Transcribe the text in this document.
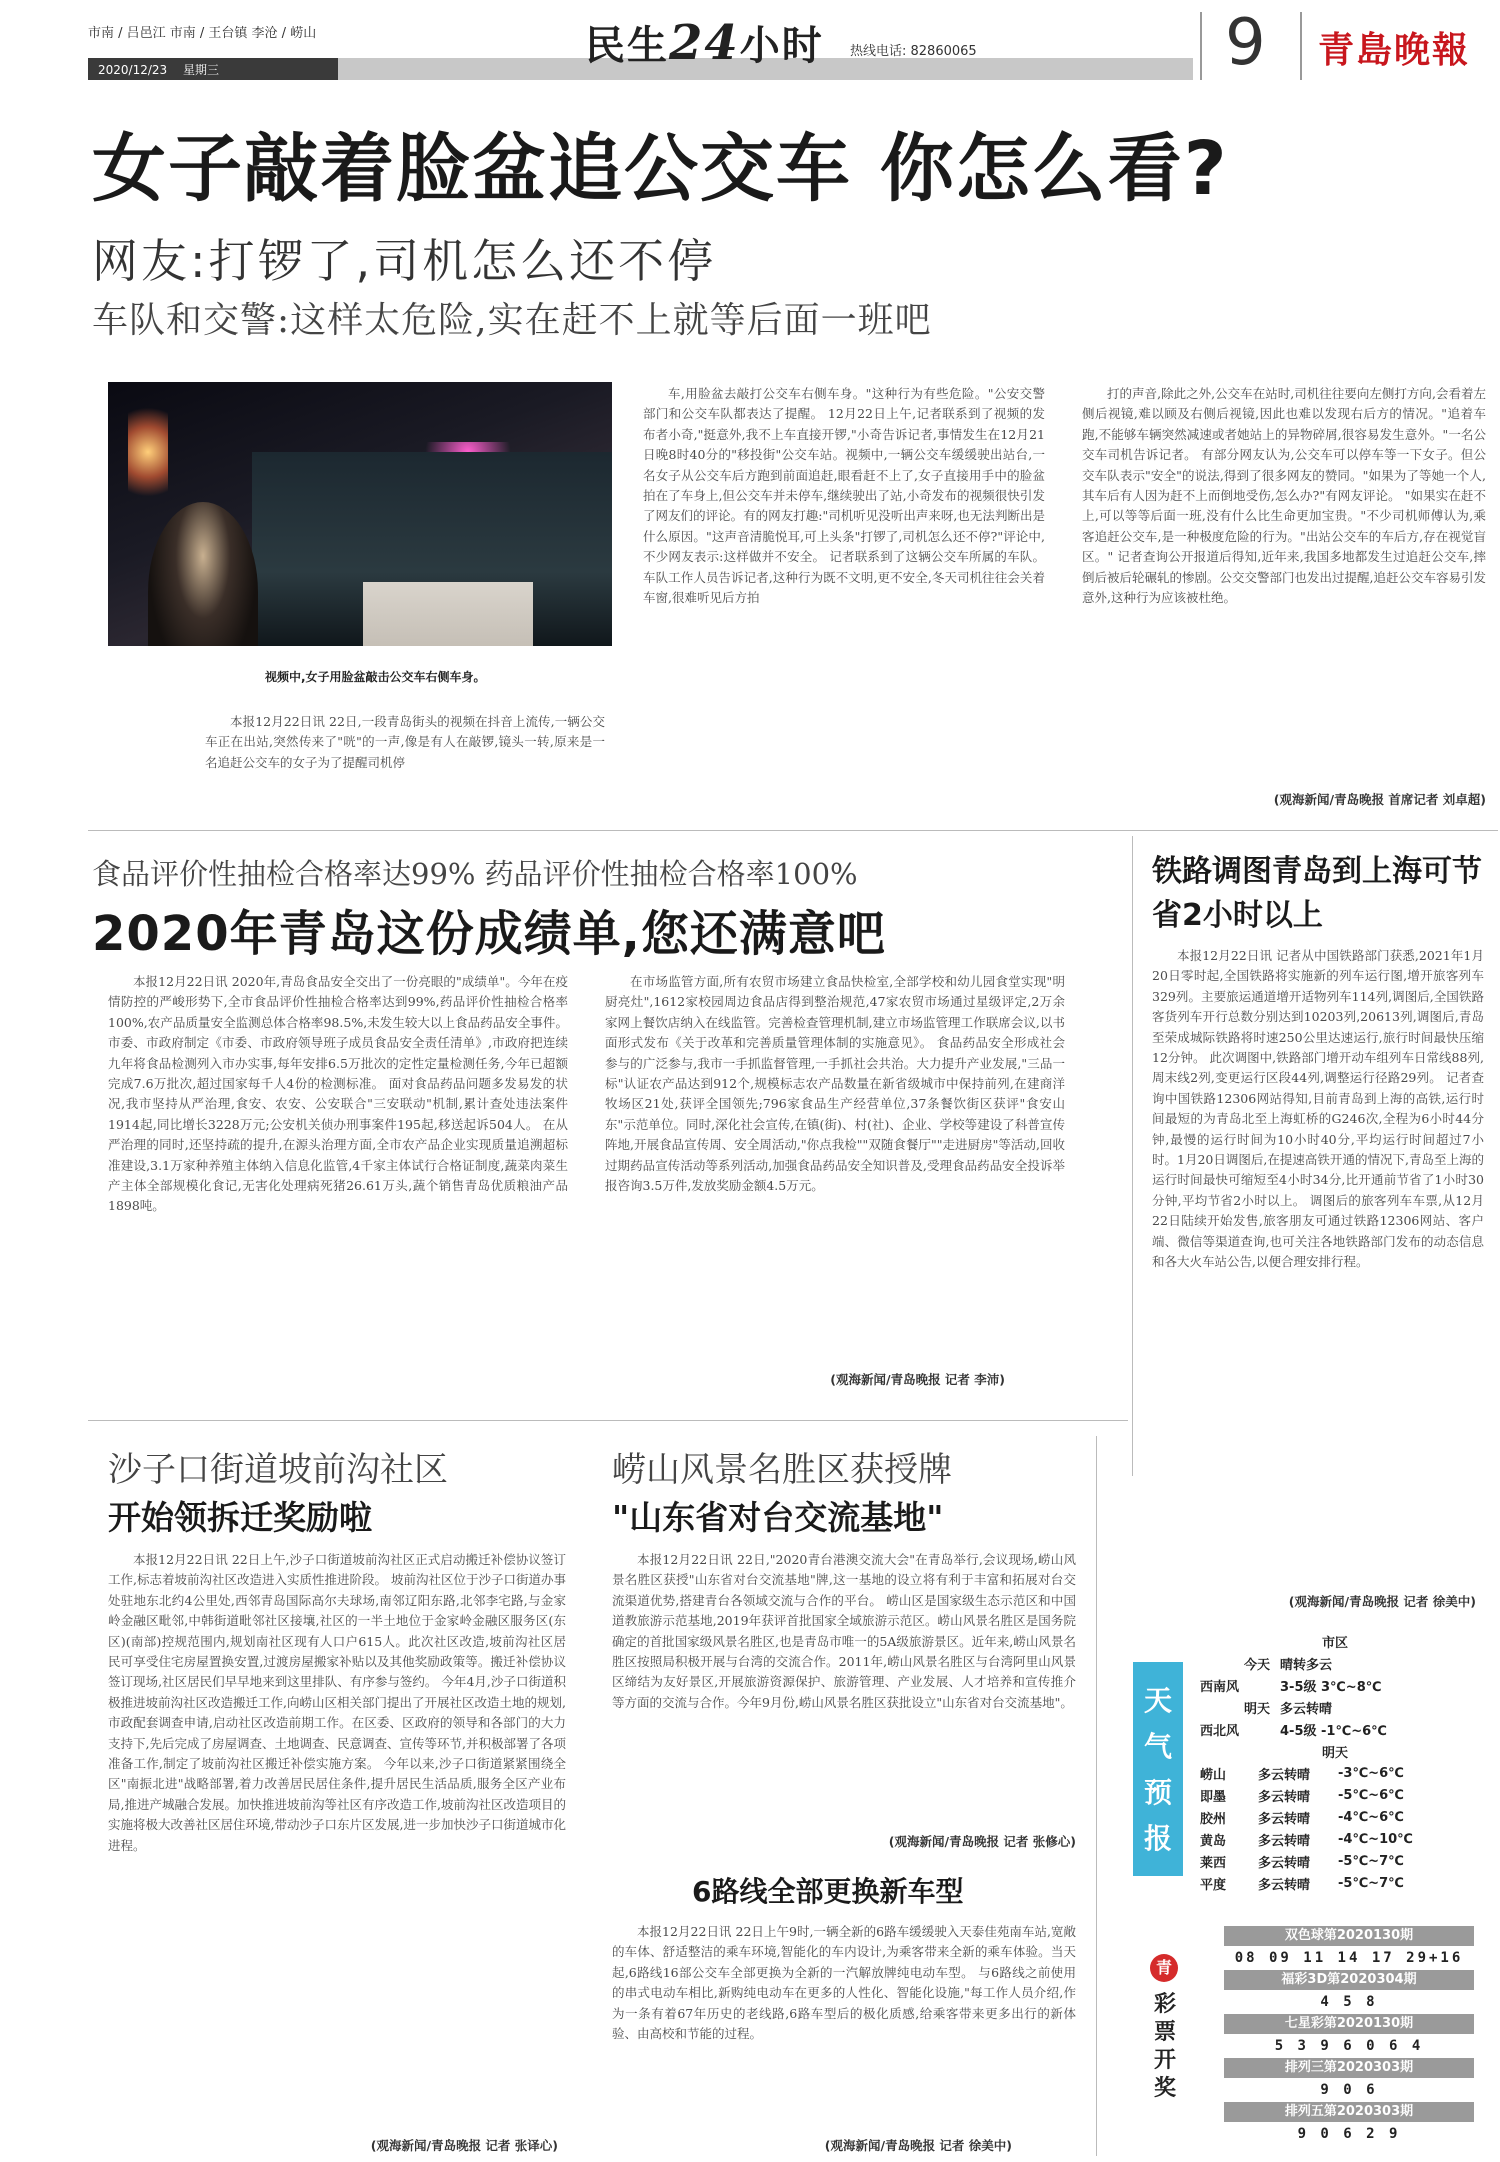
市南 / 吕邑江 市南 / 王台镇 李沧 / 崂山
2020/12/23 星期三
民生24小时 热线电话: 82860065	9 青島晚報
女子敲着脸盆追公交车 你怎么看?
网友:打锣了,司机怎么还不停
车队和交警:这样太危险,实在赶不上就等后面一班吧
视频中,女子用脸盆敲击公交车右侧车身。

本报12月22日讯 22日,一段青岛街头的视频在抖音上流传,一辆公交车正在出站,突然传来了"咣"的一声,像是有人在敲锣,镜头一转,原来是一名追赶公交车的女子为了提醒司机停

车,用脸盆去敲打公交车右侧车身。"这种行为有些危险。"公安交警部门和公交车队都表达了提醒。 12月22日上午,记者联系到了视频的发布者小奇,"挺意外,我不上车直接开锣,"小奇告诉记者,事情发生在12月21日晚8时40分的"移投街"公交车站。视频中,一辆公交车缓缓驶出站台,一名女子从公交车后方跑到前面追赶,眼看赶不上了,女子直接用手中的脸盆拍在了车身上,但公交车并未停车,继续驶出了站,小奇发布的视频很快引发了网友们的评论。有的网友打趣:"司机听见没听出声来呀,也无法判断出是什么原因。"这声音清脆悦耳,可上头条"打锣了,司机怎么还不停?"评论中,不少网友表示:这样做并不安全。 记者联系到了这辆公交车所属的车队。车队工作人员告诉记者,这种行为既不文明,更不安全,冬天司机往往会关着车窗,很难听见后方拍

打的声音,除此之外,公交车在站时,司机往往要向左侧打方向,会看着左侧后视镜,难以顾及右侧后视镜,因此也难以发现右后方的情况。"追着车跑,不能够车辆突然减速或者她站上的异物碎屑,很容易发生意外。"一名公交车司机告诉记者。 有部分网友认为,公交车可以停车等一下女子。但公交车队表示"安全"的说法,得到了很多网友的赞同。"如果为了等她一个人,其车后有人因为赶不上而倒地受伤,怎么办?"有网友评论。 "如果实在赶不上,可以等等后面一班,没有什么比生命更加宝贵。"不少司机师傅认为,乘客追赶公交车,是一种极度危险的行为。"出站公交车的车后方,存在视觉盲区。" 记者查询公开报道后得知,近年来,我国多地都发生过追赶公交车,摔倒后被后轮碾轧的惨剧。公交交警部门也发出过提醒,追赶公交车容易引发意外,这种行为应该被杜绝。

(观海新闻/青岛晚报 首席记者 刘卓超)
食品评价性抽检合格率达99% 药品评价性抽检合格率100%
2020年青岛这份成绩单,您还满意吧

本报12月22日讯 2020年,青岛食品安全交出了一份亮眼的"成绩单"。今年在疫情防控的严峻形势下,全市食品评价性抽检合格率达到99%,药品评价性抽检合格率100%,农产品质量安全监测总体合格率98.5%,未发生较大以上食品药品安全事件。 市委、市政府制定《市委、市政府领导班子成员食品安全责任清单》,市政府把连续九年将食品检测列入市办实事,每年安排6.5万批次的定性定量检测任务,今年已超额完成7.6万批次,超过国家每千人4份的检测标准。 面对食品药品问题多发易发的状况,我市坚持从严治理,食安、农安、公安联合"三安联动"机制,累计查处违法案件1914起,同比增长3228万元;公安机关侦办刑事案件195起,移送起诉504人。 在从严治理的同时,还坚持疏的提升,在源头治理方面,全市农产品企业实现质量追溯超标准建设,3.1万家种养殖主体纳入信息化监管,4千家主体试行合格证制度,蔬菜肉菜生产主体全部规模化食记,无害化处理病死猪26.61万头,蔬个销售青岛优质粮油产品1898吨。

在市场监管方面,所有农贸市场建立食品快检室,全部学校和幼儿园食堂实现"明厨亮灶",1612家校园周边食品店得到整治规范,47家农贸市场通过星级评定,2万余家网上餐饮店纳入在线监管。完善检查管理机制,建立市场监管理工作联席会议,以书面形式发布《关于改革和完善质量管理体制的实施意见》。 食品药品安全形成社会参与的广泛参与,我市一手抓监督管理,一手抓社会共治。大力提升产业发展,"三品一标"认证农产品达到912个,规模标志农产品数量在新省级城市中保持前列,在建商洋牧场区21处,获评全国领先;796家食品生产经营单位,37条餐饮街区获评"食安山东"示范单位。同时,深化社会宣传,在镇(街)、村(社)、企业、学校等建设了科普宣传阵地,开展食品宣传周、安全周活动,"你点我检""双随食餐厅""走进厨房"等活动,回收过期药品宣传活动等系列活动,加强食品药品安全知识普及,受理食品药品安全投诉举报咨询3.5万件,发放奖励金额4.5万元。

(观海新闻/青岛晚报 记者 李沛)
铁路调图青岛到上海可节省2小时以上

本报12月22日讯 记者从中国铁路部门获悉,2021年1月20日零时起,全国铁路将实施新的列车运行图,增开旅客列车329列。主要旅运通道增开适物列车114列,调图后,全国铁路客货列车开行总数分别达到10203列,20613列,调图后,青岛至荣成城际铁路将时速250公里达速运行,旅行时间最快压缩12分钟。 此次调图中,铁路部门增开动车组列车日常线88列,周末线2列,变更运行区段44列,调整运行径路29列。 记者查询中国铁路12306网站得知,目前青岛到上海的高铁,运行时间最短的为青岛北至上海虹桥的G246次,全程为6小时44分钟,最慢的运行时间为10小时40分,平均运行时间超过7小时。1月20日调图后,在提速高铁开通的情况下,青岛至上海的运行时间最快可缩短至4小时34分,比开通前节省了1小时30分钟,平均节省2小时以上。 调图后的旅客列车车票,从12月22日陆续开始发售,旅客朋友可通过铁路12306网站、客户端、微信等渠道查询,也可关注各地铁路部门发布的动态信息和各大火车站公告,以便合理安排行程。

(观海新闻/青岛晚报 记者 徐美中)
沙子口街道坡前沟社区
开始领拆迁奖励啦

本报12月22日讯 22日上午,沙子口街道坡前沟社区正式启动搬迁补偿协议签订工作,标志着坡前沟社区改造进入实质性推进阶段。 坡前沟社区位于沙子口街道办事处驻地东北约4公里处,西邻青岛国际高尔夫球场,南邻辽阳东路,北邻李宅路,与金家岭金融区毗邻,中韩街道毗邻社区接壤,社区的一半土地位于金家岭金融区服务区(东区)(南部)控规范围内,规划南社区现有人口户615人。此次社区改造,坡前沟社区居民可享受住宅房屋置换安置,过渡房屋搬家补贴以及其他奖励政策等。搬迁补偿协议签订现场,社区居民们早早地来到这里排队、有序参与签约。 今年4月,沙子口街道积极推进坡前沟社区改造搬迁工作,向崂山区相关部门提出了开展社区改造土地的规划,市政配套调查申请,启动社区改造前期工作。在区委、区政府的领导和各部门的大力支持下,先后完成了房屋调查、土地调查、民意调查、宣传等环节,并积极部署了各项准备工作,制定了坡前沟社区搬迁补偿实施方案。 今年以来,沙子口街道紧紧围绕全区"南振北进"战略部署,着力改善居民居住条件,提升居民生活品质,服务全区产业布局,推进产城融合发展。加快推进坡前沟等社区有序改造工作,坡前沟社区改造项目的实施将极大改善社区居住环境,带动沙子口东片区发展,进一步加快沙子口街道城市化进程。

(观海新闻/青岛晚报 记者 张译心)
崂山风景名胜区获授牌
"山东省对台交流基地"

本报12月22日讯 22日,"2020青台港澳交流大会"在青岛举行,会议现场,崂山风景名胜区获授"山东省对台交流基地"牌,这一基地的设立将有利于丰富和拓展对台交流渠道优势,搭建青台各领域交流与合作的平台。 崂山区是国家级生态示范区和中国道教旅游示范基地,2019年获评首批国家全域旅游示范区。崂山风景名胜区是国务院确定的首批国家级风景名胜区,也是青岛市唯一的5A级旅游景区。近年来,崂山风景名胜区按照局积极开展与台湾的交流合作。2011年,崂山风景名胜区与台湾阿里山风景区缔结为友好景区,开展旅游资源保护、旅游管理、产业发展、人才培养和宣传推介等方面的交流与合作。今年9月份,崂山风景名胜区获批设立"山东省对台交流基地"。

(观海新闻/青岛晚报 记者 张修心)
6路线全部更换新车型

本报12月22日讯 22日上午9时,一辆全新的6路车缓缓驶入天泰佳苑南车站,宽敞的车体、舒适整洁的乘车环境,智能化的车内设计,为乘客带来全新的乘车体验。当天起,6路线16部公交车全部更换为全新的一汽解放牌纯电动车型。 与6路线之前使用的串式电动车相比,新购纯电动车在更多的人性化、智能化设施,"每工作人员介绍,作为一条有着67年历史的老线路,6路车型后的极化质感,给乘客带来更多出行的新体验、由高校和节能的过程。

(观海新闻/青岛晚报 记者 徐美中)
天气预报
市区
今天 晴转多云
西南风	3-5级 3℃~8℃
明天 多云转晴
西北风	4-5级 -1℃~6℃
明天
崂山	多云转晴	-3℃~6℃
即墨	多云转晴	-5℃~6℃
胶州	多云转晴	-4℃~6℃
黄岛	多云转晴	-4℃~10℃
莱西	多云转晴	-5℃~7℃
平度	多云转晴	-5℃~7℃
青
彩票开奖
双色球第2020130期
08 09 11 14 17 29+16
福彩3D第2020304期
4 5 8
七星彩第2020130期
5 3 9 6 0 6 4
排列三第2020303期
9 0 6
排列五第2020303期
9 0 6 2 9
